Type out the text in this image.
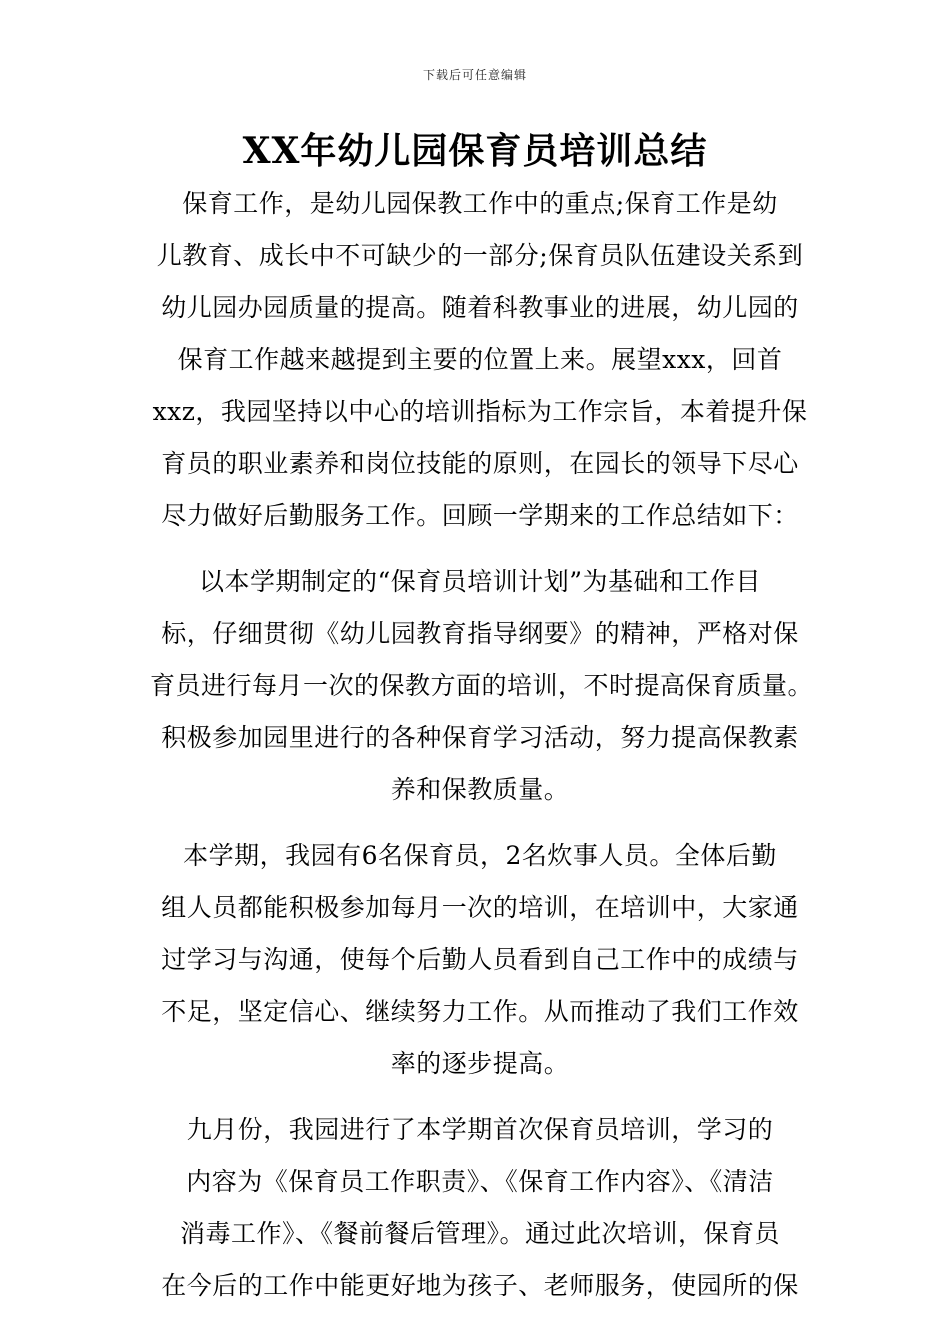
下载后可任意编辑
XX年幼儿园保育员培训总结
保育工作，是幼儿园保教工作中的重点;保育工作是幼
儿教育、成长中不可缺少的一部分;保育员队伍建设关系到
幼儿园办园质量的提高。随着科教事业的进展，幼儿园的
保育工作越来越提到主要的位置上来。展望xxx，回首
xxz，我园坚持以中心的培训指标为工作宗旨，本着提升保
育员的职业素养和岗位技能的原则，在园长的领导下尽心
尽力做好后勤服务工作。回顾一学期来的工作总结如下：
以本学期制定的“保育员培训计划”为基础和工作目
标，仔细贯彻《幼儿园教育指导纲要》的精神，严格对保
育员进行每月一次的保教方面的培训，不时提高保育质量。
积极参加园里进行的各种保育学习活动，努力提高保教素
养和保教质量。
本学期，我园有6名保育员，2名炊事人员。全体后勤
组人员都能积极参加每月一次的培训，在培训中，大家通
过学习与沟通，使每个后勤人员看到自己工作中的成绩与
不足，坚定信心、继续努力工作。从而推动了我们工作效
率的逐步提高。
九月份，我园进行了本学期首次保育员培训，学习的
内容为《保育员工作职责》、《保育工作内容》、《清洁
消毒工作》、《餐前餐后管理》。通过此次培训，保育员
在今后的工作中能更好地为孩子、老师服务，使园所的保
